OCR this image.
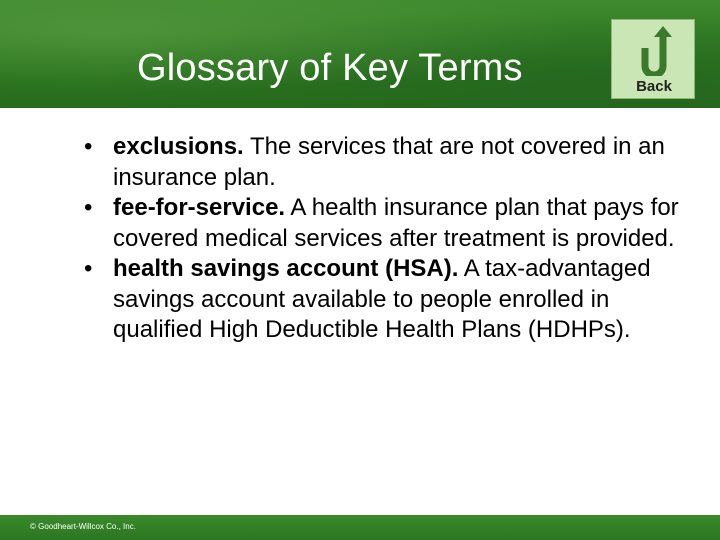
Glossary of Key Terms	Back

• exclusions. The services that are not covered in an insurance plan.

• fee-for-service. A health insurance plan that pays for covered medical services after treatment is provided.

• health savings account (HSA). A tax-advantaged savings account available to people enrolled in qualified High Deductible Health Plans (HDHPs).

© Goodheart-Willcox Co., Inc.
